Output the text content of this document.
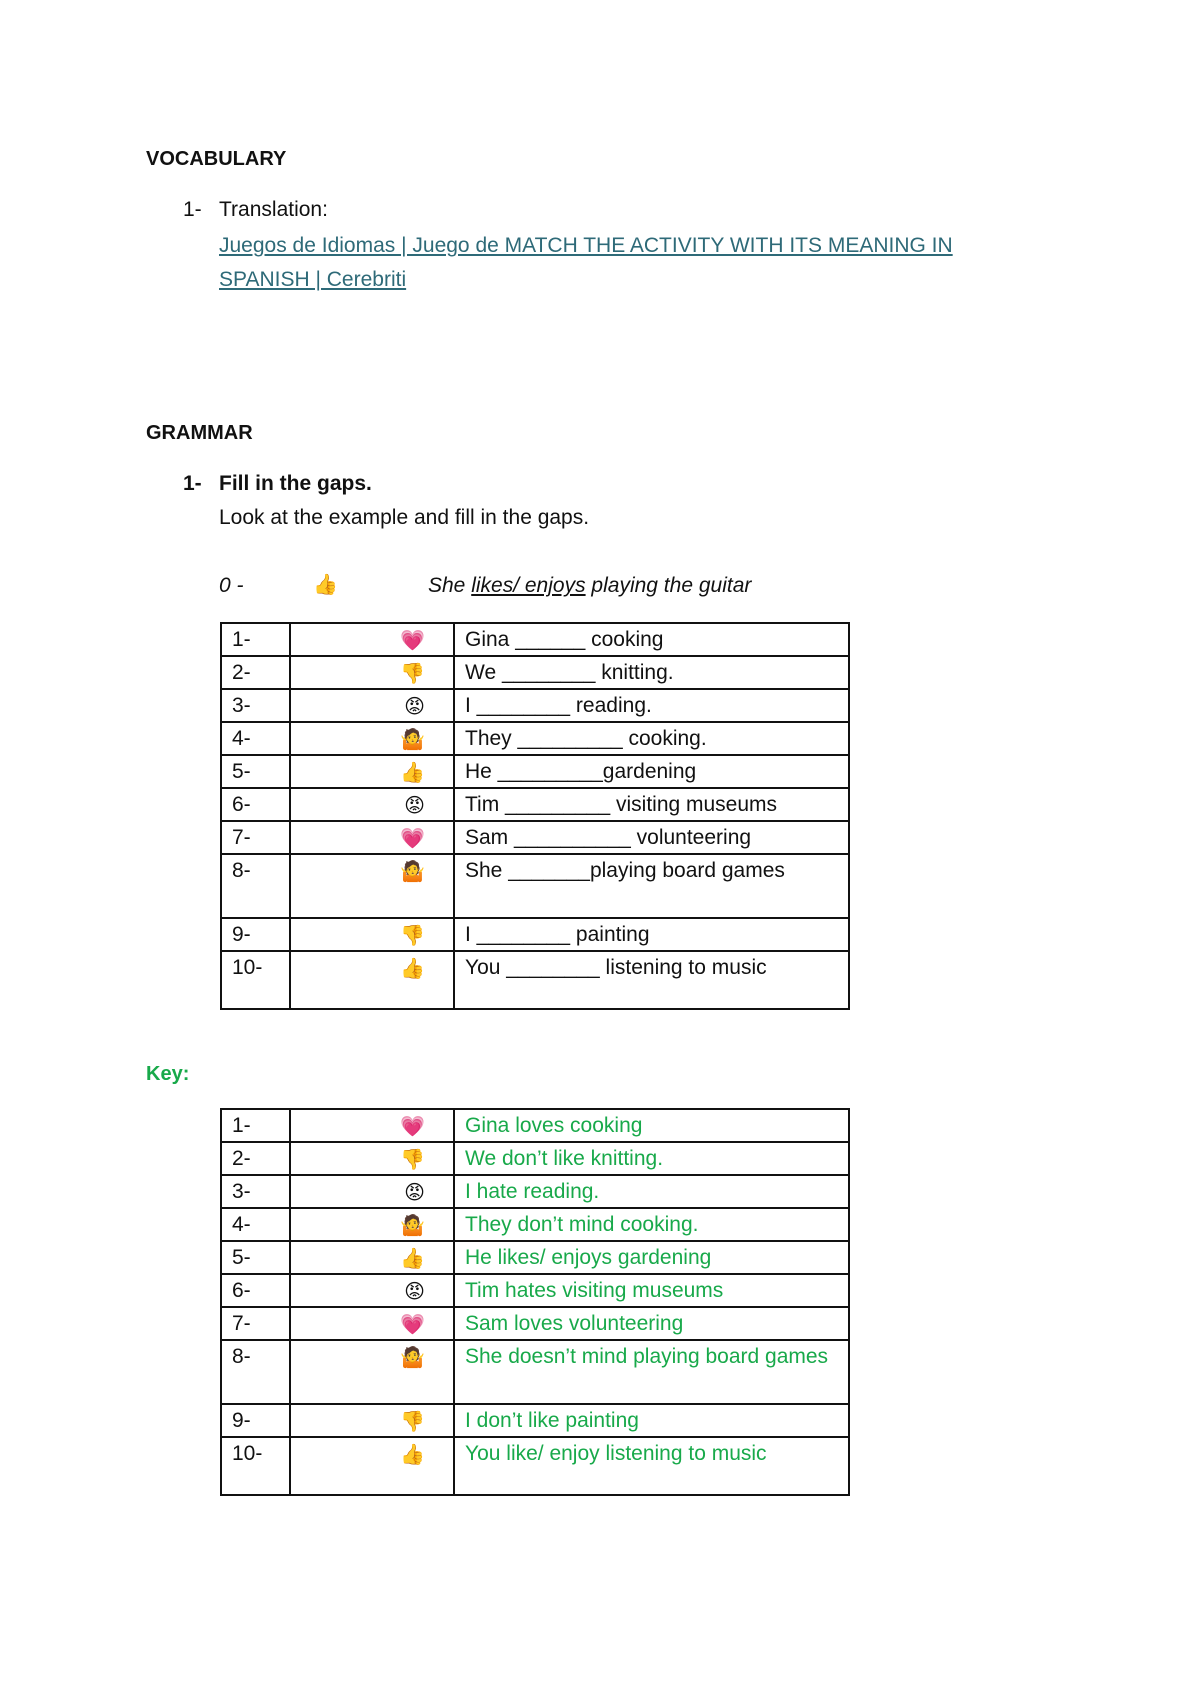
VOCABULARY
1- Translation:
Juegos de Idiomas | Juego de MATCH THE ACTIVITY WITH ITS MEANING IN
SPANISH | Cerebriti
GRAMMAR
1- Fill in the gaps.
Look at the example and fill in the gaps.
0 -	👍	She likes/ enjoys playing the guitar
1-	💗	Gina ______ cooking
2-	👎	We ________ knitting.
3-	😡	I ________ reading.
4-	🤷	They _________ cooking.
5-	👍	He _________gardening
6-	😡	Tim _________ visiting museums
7-	💗	Sam __________ volunteering
8-	🤷	She _______playing board games
9-	👎	I ________ painting
10-	👍	You ________ listening to music
Key:
1-	💗	Gina loves cooking
2-	👎	We don’t like knitting.
3-	😡	I hate reading.
4-	🤷	They don’t mind cooking.
5-	👍	He likes/ enjoys gardening
6-	😡	Tim hates visiting museums
7-	💗	Sam loves volunteering
8-	🤷	She doesn’t mind playing board games
9-	👎	I don’t like painting
10-	👍	You like/ enjoy listening to music
